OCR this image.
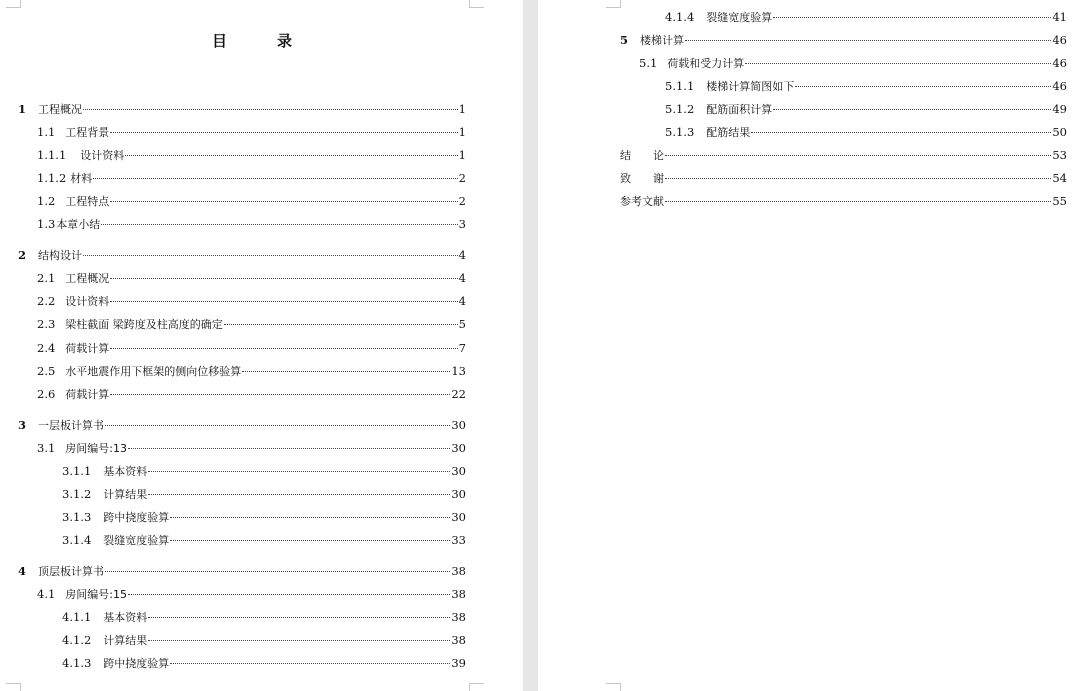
目	录
1 工程概况	1
1.1 工程背景	1
1.1.1 设计资料	1
1.1.2 材料	2
1.2 工程特点	2
1.3 本章小结	3
2 结构设计	4
2.1 工程概况	4
2.2 设计资料	4
2.3 梁柱截面 梁跨度及柱高度的确定	5
2.4 荷载计算	7
2.5 水平地震作用下框架的侧向位移验算	13
2.6 荷载计算	22
3 一层板计算书	30
3.1 房间编号:13	30
3.1.1 基本资料	30
3.1.2 计算结果	30
3.1.3 跨中挠度验算	30
3.1.4 裂缝宽度验算	33
4 顶层板计算书	38
4.1 房间编号:15	38
4.1.1 基本资料	38
4.1.2 计算结果	38
4.1.3 跨中挠度验算	39
4.1.4 裂缝宽度验算	41
5 楼梯计算	46
5.1 荷载和受力计算	46
5.1.1 楼梯计算简图如下	46
5.1.2 配筋面积计算	49
5.1.3 配筋结果	50
结　　论	53
致　　谢	54
参考文献	55
